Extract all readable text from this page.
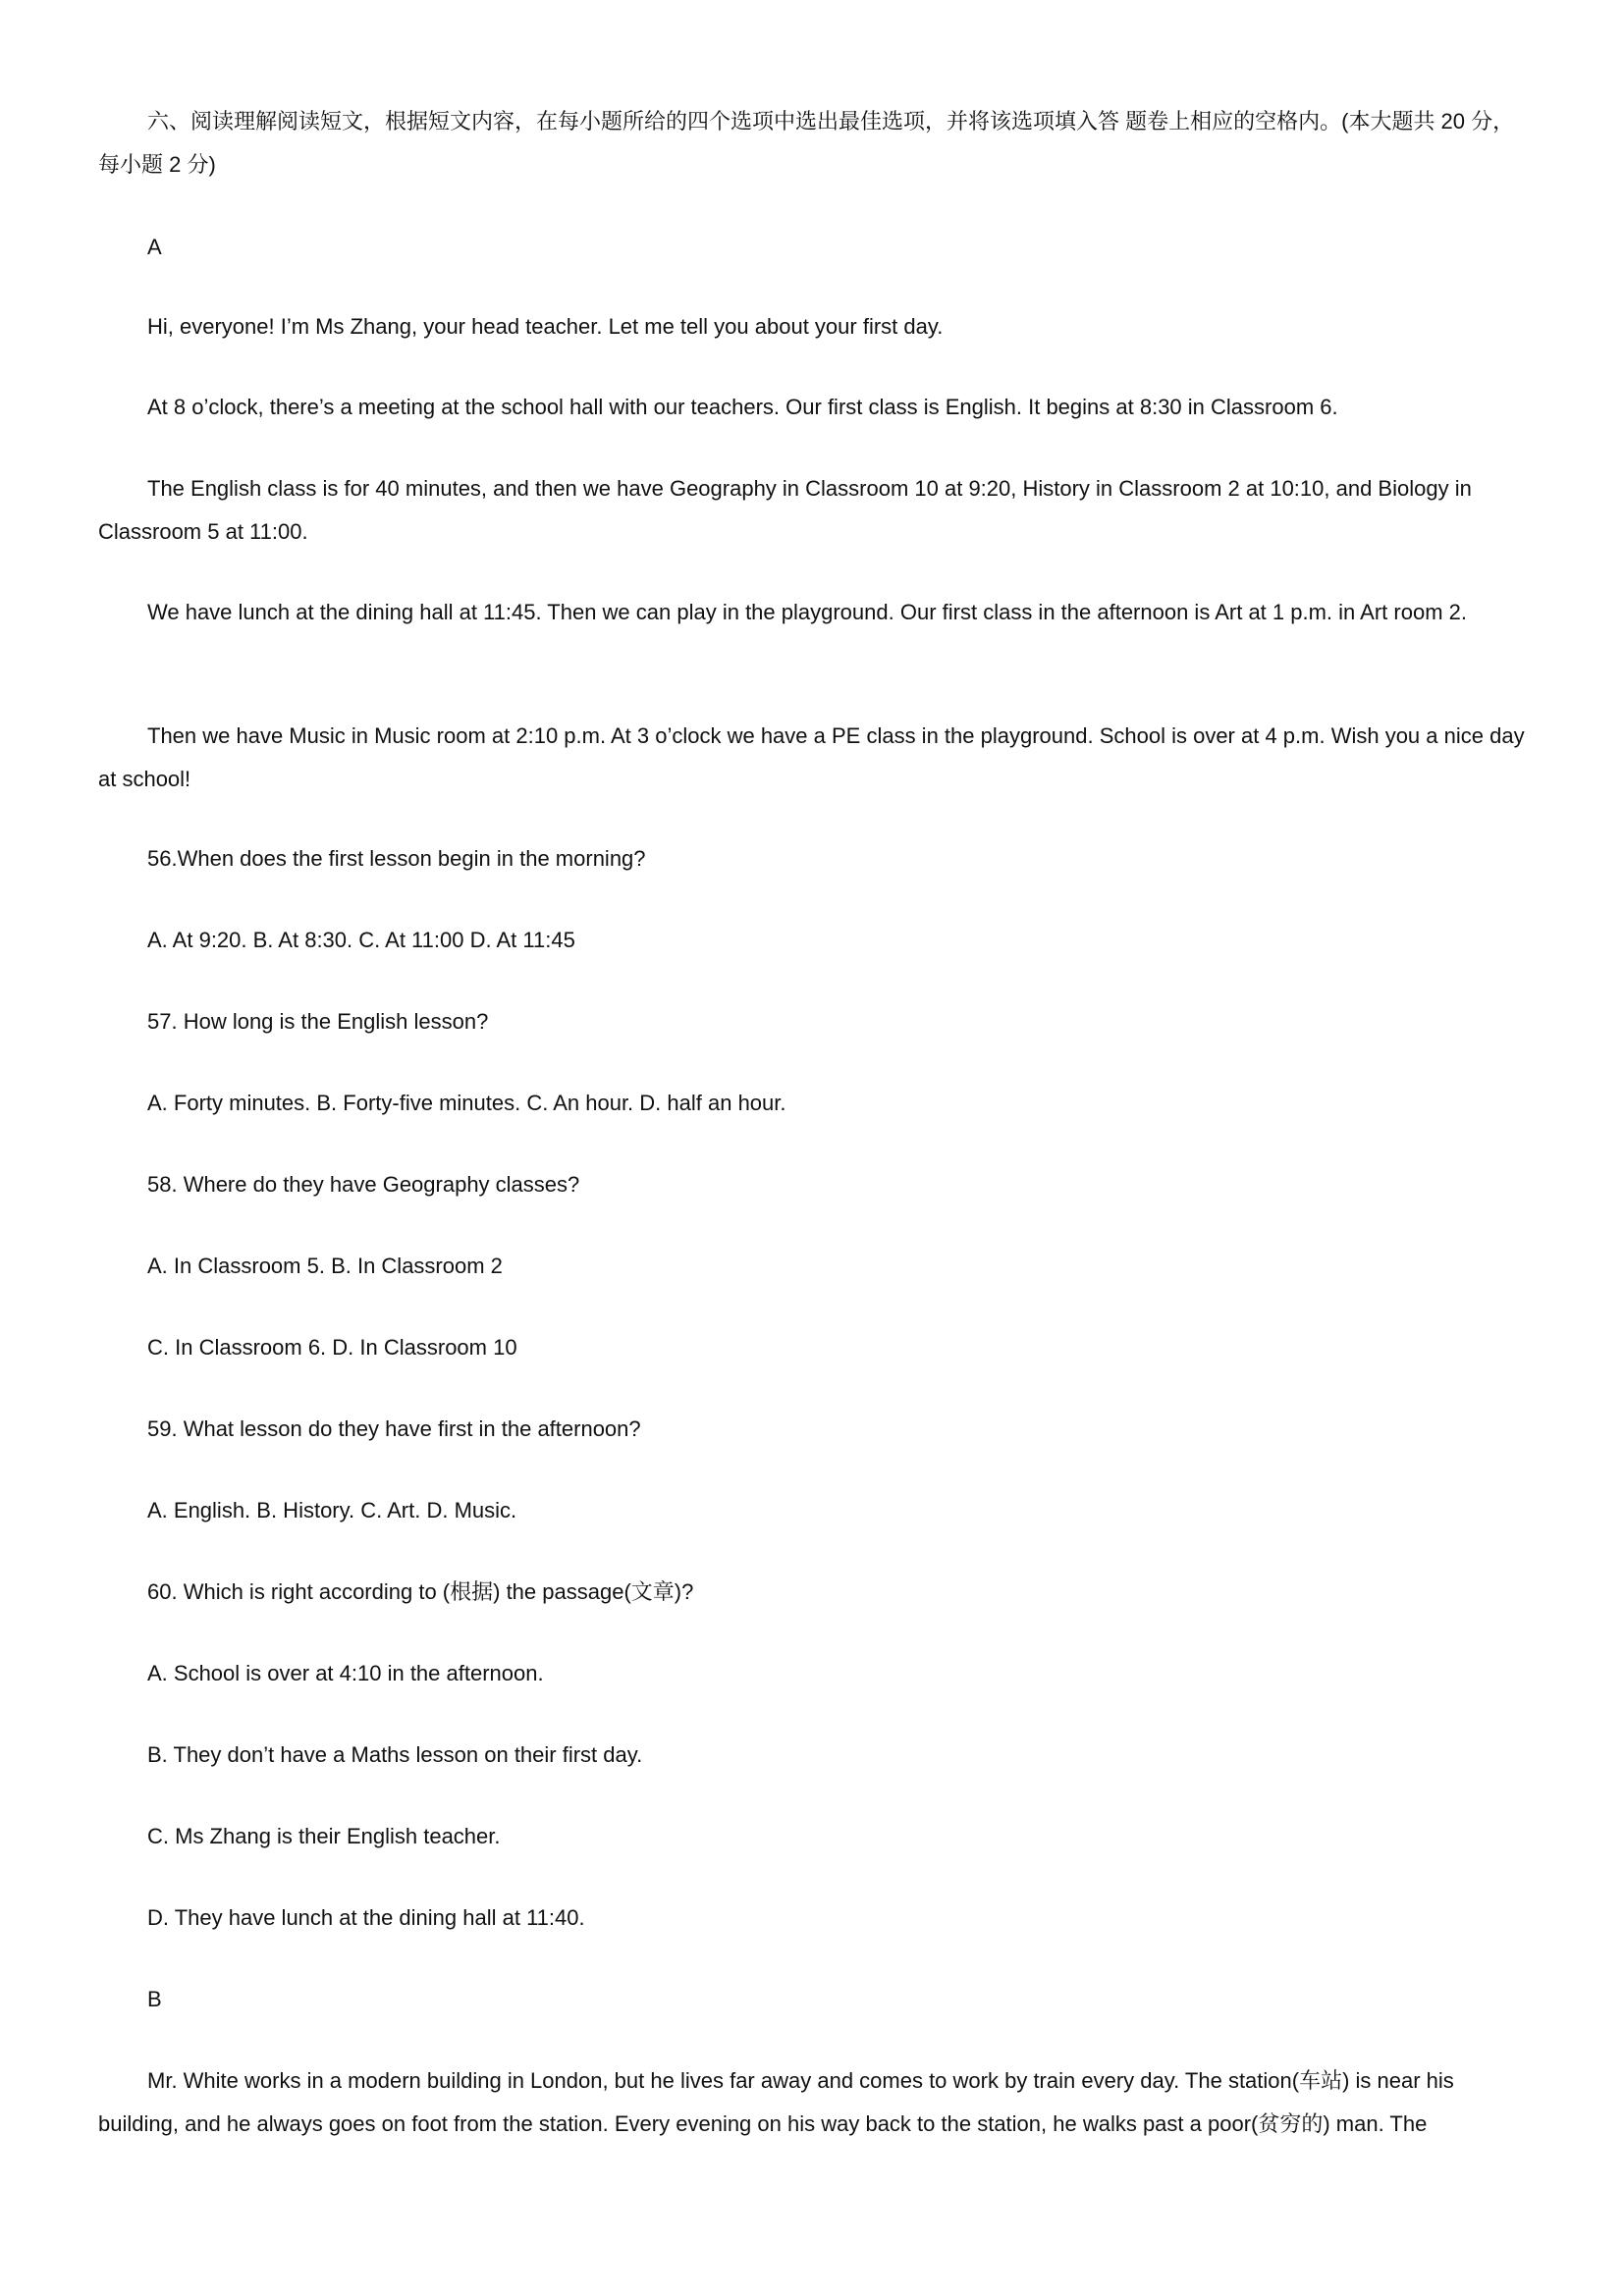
六、阅读理解阅读短文，根据短文内容，在每小题所给的四个选项中选出最佳选项，并将该选项填入答 题卷上相应的空格内。(本大题共 20 分，每小题 2 分)
A
Hi, everyone! I’m Ms Zhang, your head teacher. Let me tell you about your first day.
At 8 o’clock, there’s a meeting at the school hall with our teachers. Our first class is English. It begins at 8:30 in Classroom 6.
The English class is for 40 minutes, and then we have Geography in Classroom 10 at 9:20, History in Classroom 2 at 10:10, and Biology in Classroom 5 at 11:00.
We have lunch at the dining hall at 11:45. Then we can play in the playground. Our first class in the afternoon is Art at 1 p.m. in Art room 2.
Then we have Music in Music room at 2:10 p.m. At 3 o’clock we have a PE class in the playground. School is over at 4 p.m. Wish you a nice day at school!
56.When does the first lesson begin in the morning?
A. At 9:20. B. At 8:30. C. At 11:00 D. At 11:45
57. How long is the English lesson?
A. Forty minutes. B. Forty-five minutes. C. An hour. D. half an hour.
58. Where do they have Geography classes?
A. In Classroom 5. B. In Classroom 2
C. In Classroom 6. D. In Classroom 10
59. What lesson do they have first in the afternoon?
A. English. B. History. C. Art. D. Music.
60. Which is right according to (根据) the passage(文章)?
A. School is over at 4:10 in the afternoon.
B. They don’t have a Maths lesson on their first day.
C. Ms Zhang is their English teacher.
D. They have lunch at the dining hall at 11:40.
B
Mr. White works in a modern building in London, but he lives far away and comes to work by train every day. The station(车站) is near his building, and he always goes on foot from the station. Every evening on his way back to the station, he walks past a poor(贫穷的) man. The
